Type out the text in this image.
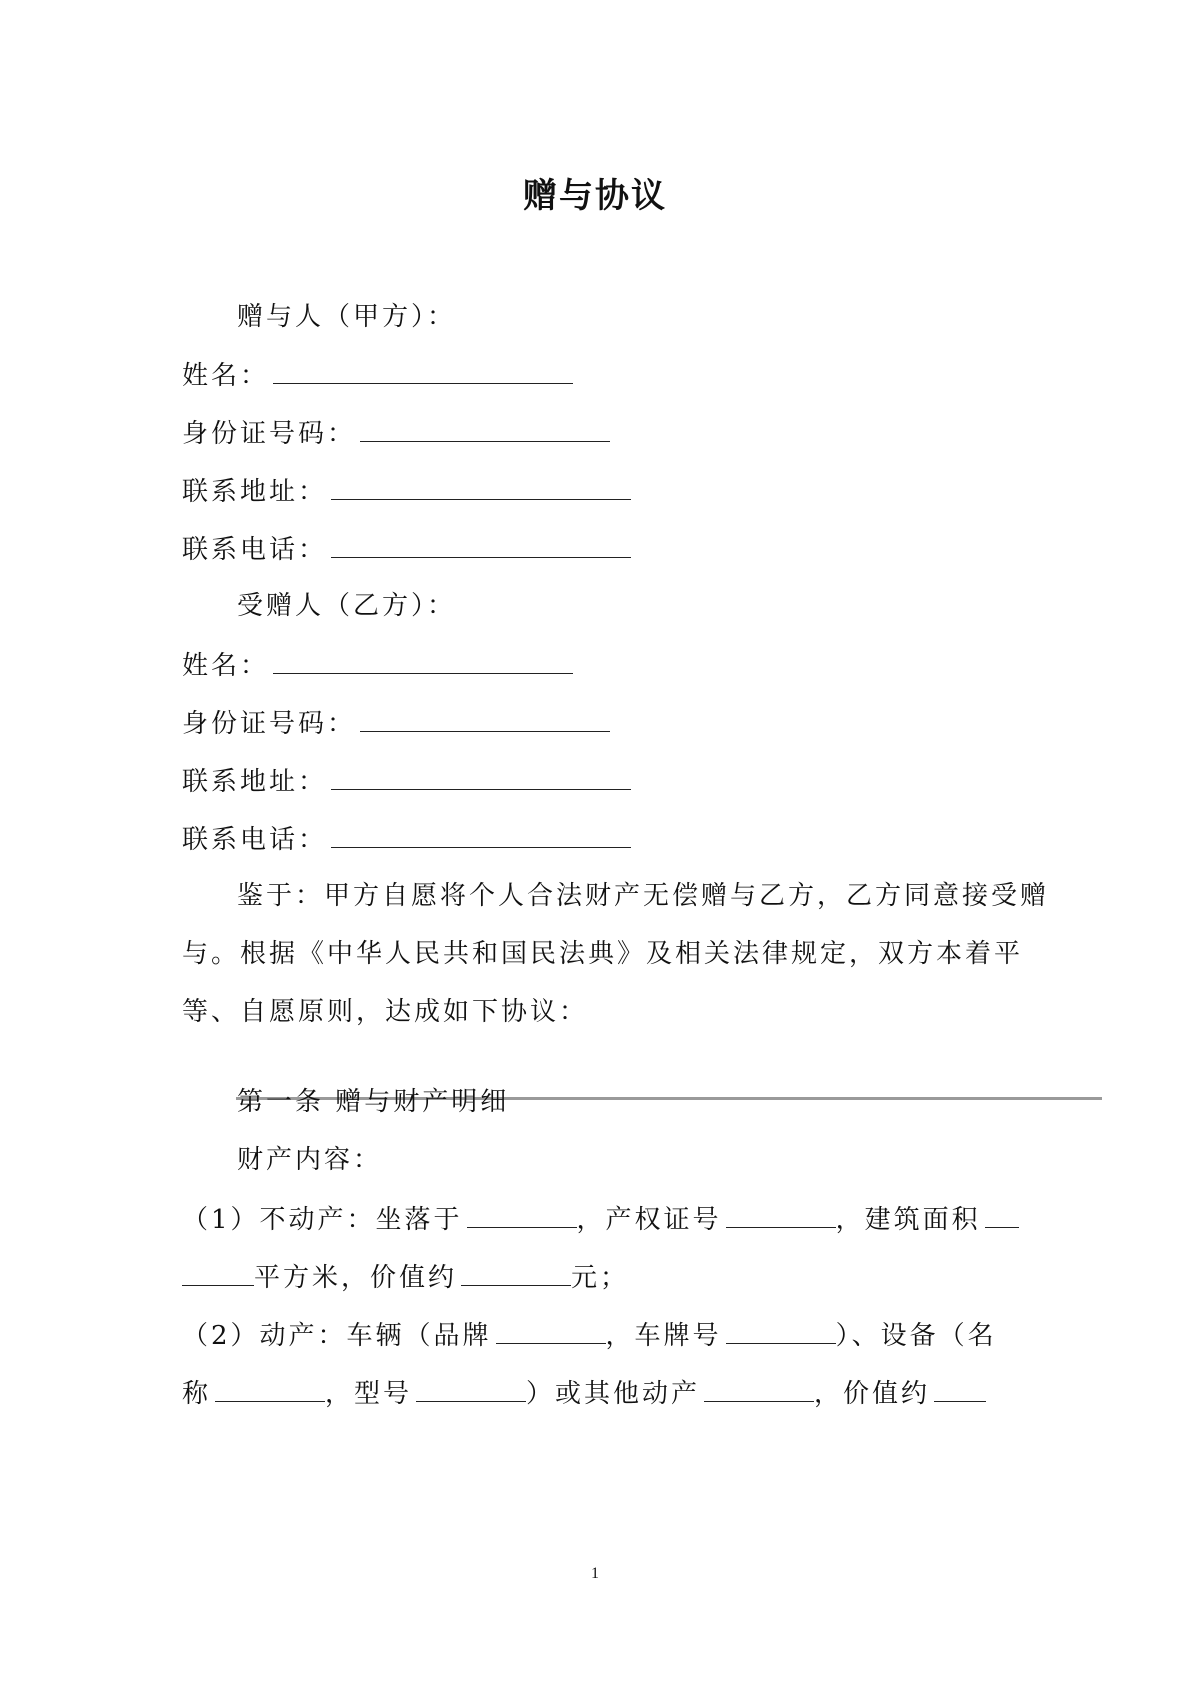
赠与协议
赠与人（甲方）：
姓名：
身份证号码：
联系地址：
联系电话：
受赠人（乙方）：
姓名：
身份证号码：
联系地址：
联系电话：
鉴于：甲方自愿将个人合法财产无偿赠与乙方，乙方同意接受赠
与。根据《中华人民共和国民法典》及相关法律规定，双方本着平
等、自愿原则，达成如下协议：
第一条 赠与财产明细
财产内容：
（1）不动产：坐落于	，产权证号	，建筑面积
平方米，价值约	元；
（2）动产：车辆（品牌	，车牌号	）、设备（名
称	，型号	）或其他动产	，价值约
1
